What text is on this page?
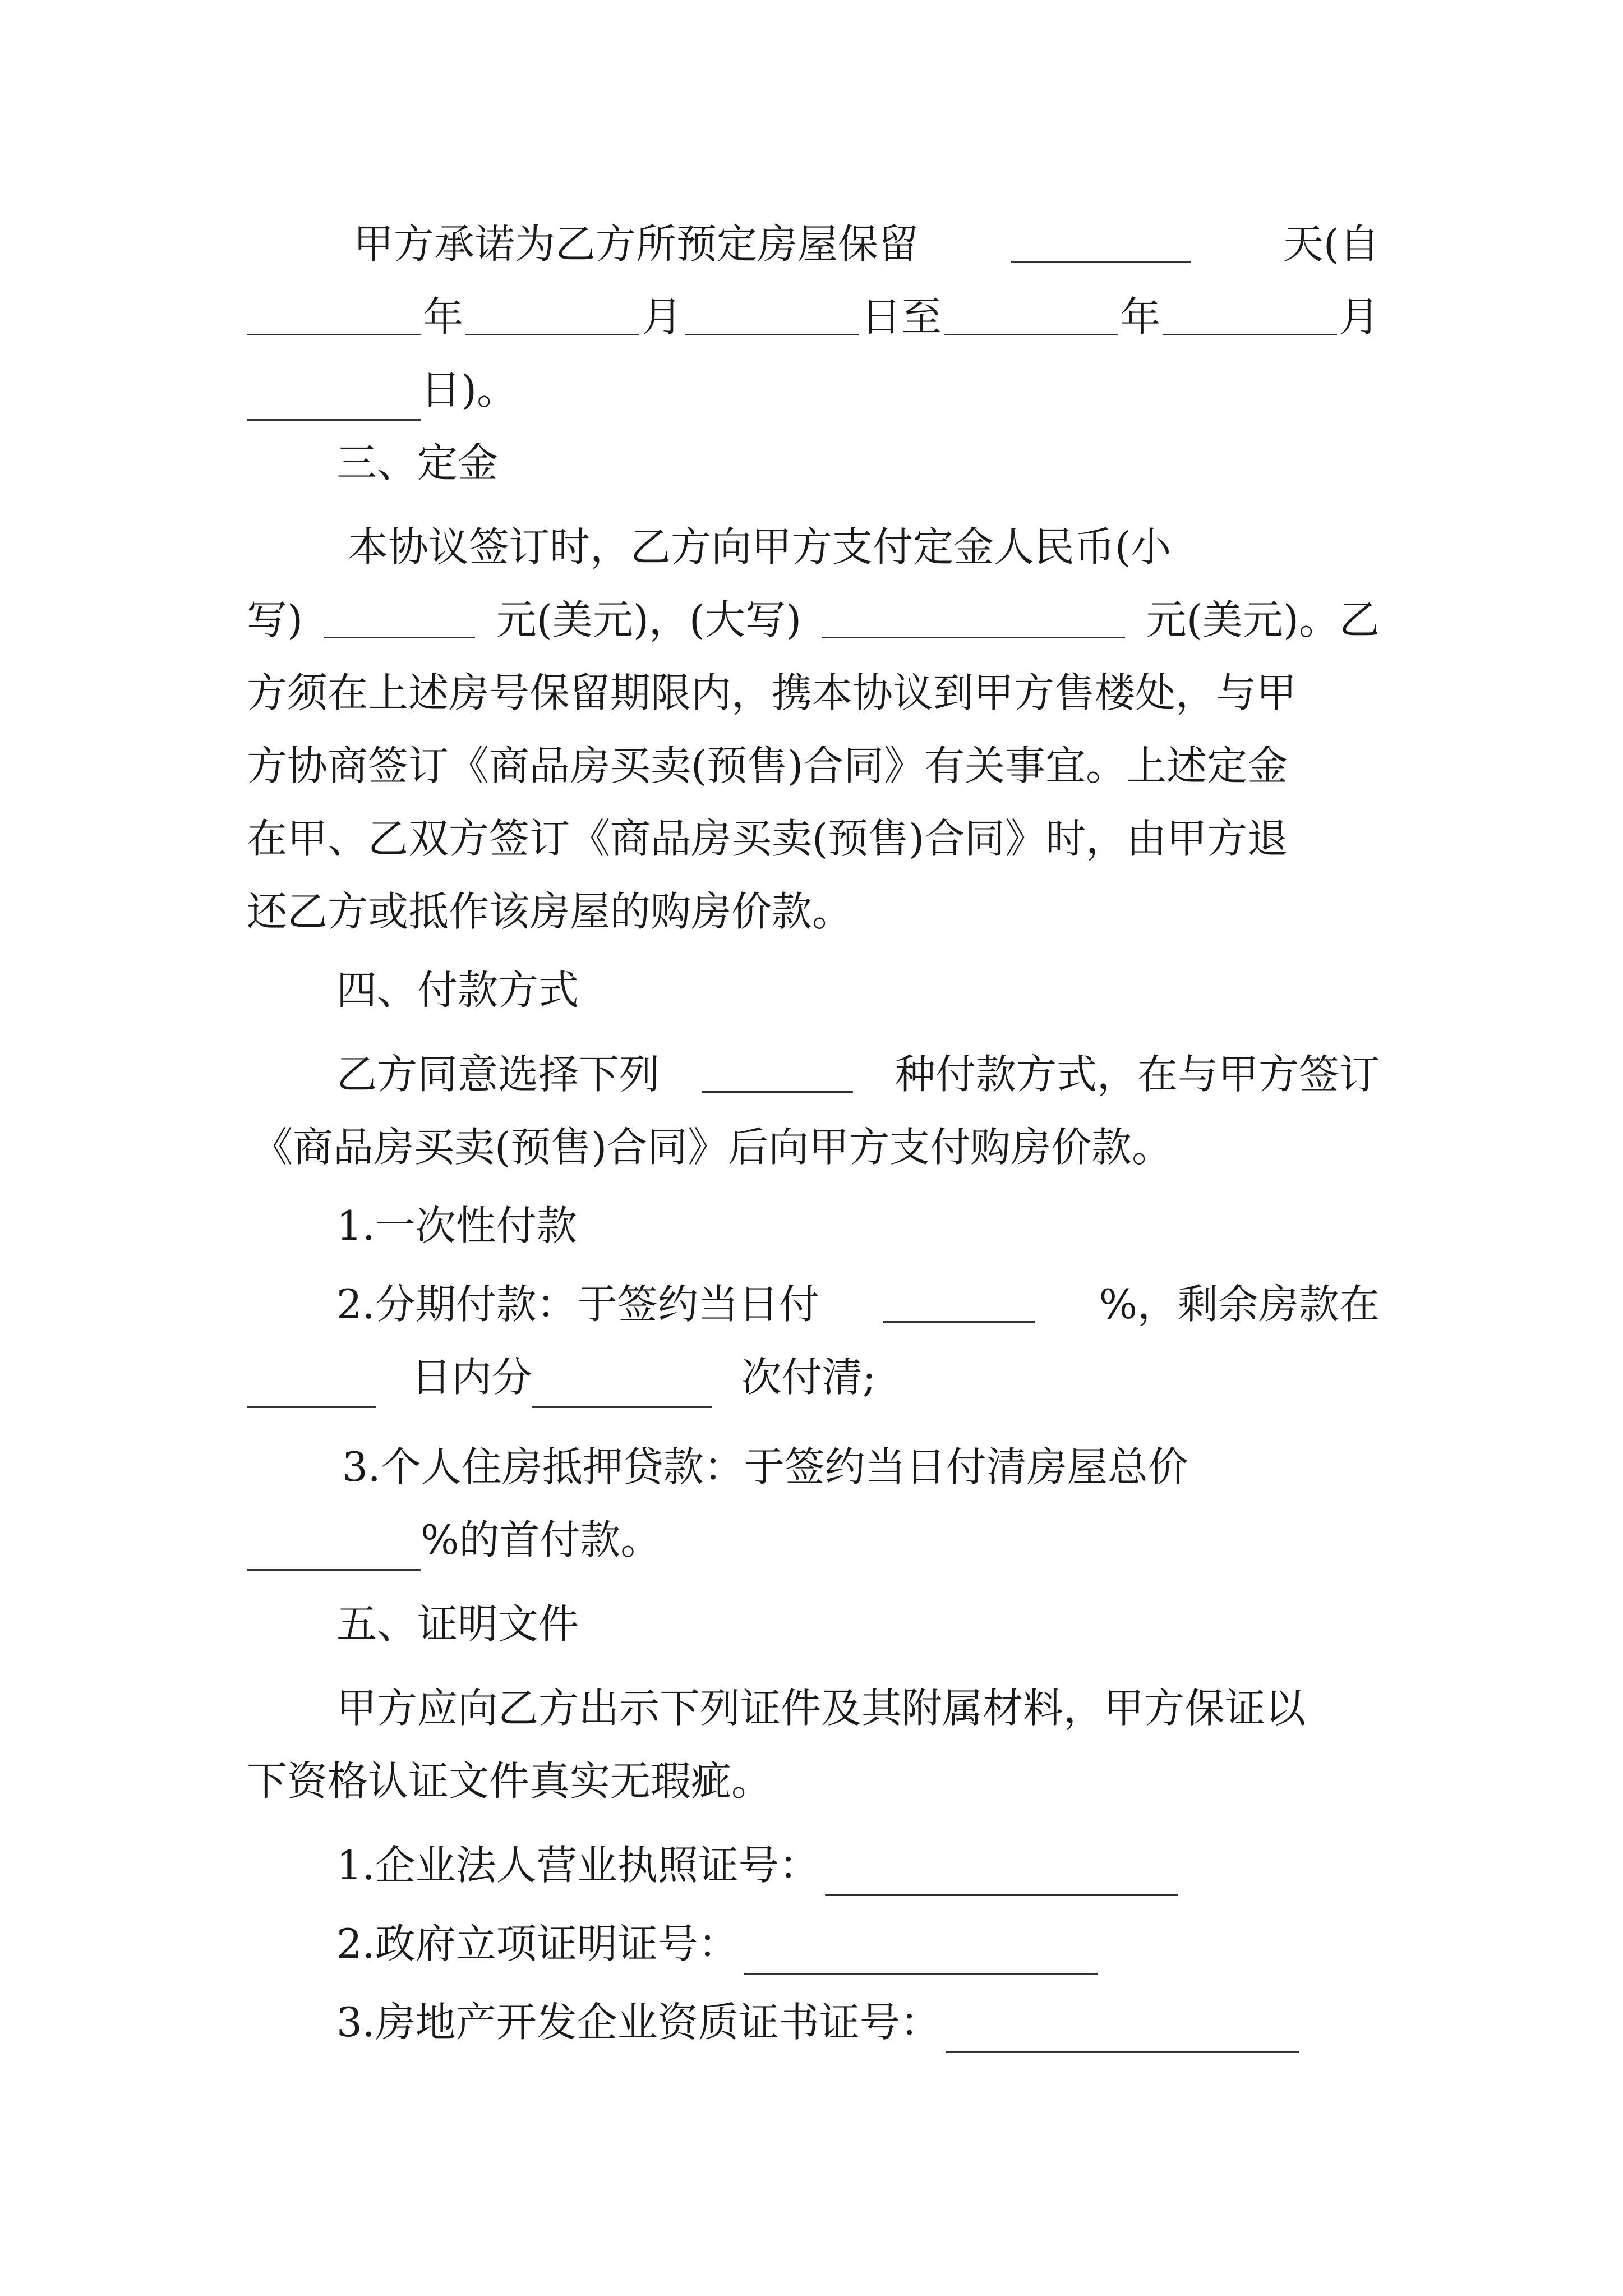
甲方承诺为乙方所预定房屋保留	天(自
年	月	日至	年	月
日)。
三、定金
本协议签订时，乙方向甲方支付定金人民币(小
写)	元(美元)，(大写)	元(美元)。乙
方须在上述房号保留期限内，携本协议到甲方售楼处，与甲
方协商签订《商品房买卖(预售)合同》有关事宜。上述定金
在甲、乙双方签订《商品房买卖(预售)合同》时，由甲方退
还乙方或抵作该房屋的购房价款。
四、付款方式
乙方同意选择下列	种付款方式，在与甲方签订
《商品房买卖(预售)合同》后向甲方支付购房价款。
1.一次性付款
2.分期付款：于签约当日付	%，剩余房款在
日内分	次付清;
3.个人住房抵押贷款：于签约当日付清房屋总价
%的首付款。
五、证明文件
甲方应向乙方出示下列证件及其附属材料，甲方保证以
下资格认证文件真实无瑕疵。
1.企业法人营业执照证号：
2.政府立项证明证号：
3.房地产开发企业资质证书证号：
